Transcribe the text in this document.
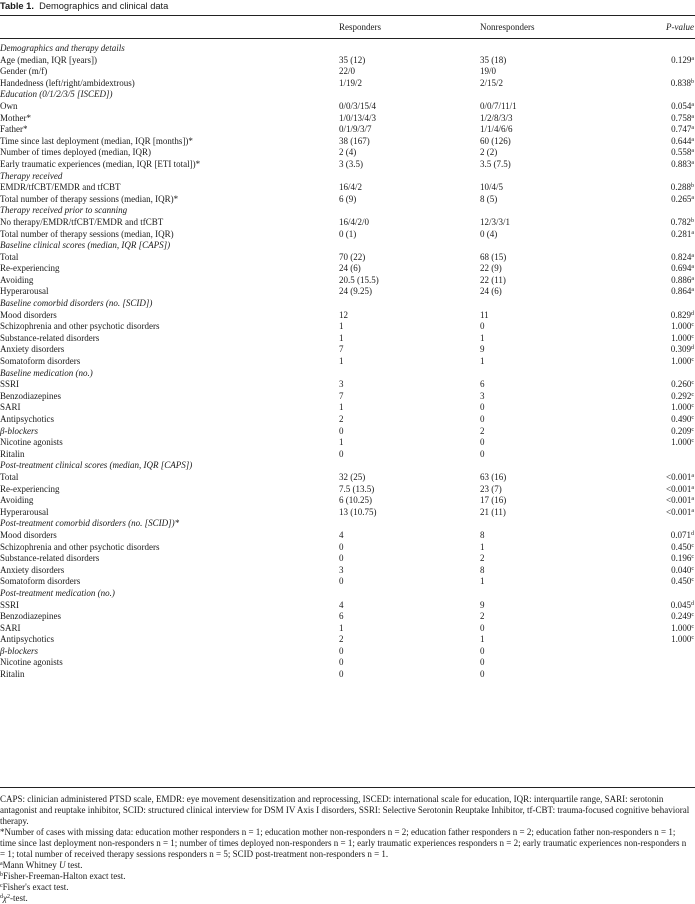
Table 1. Demographics and clinical data
Responders	Nonresponders	P-value
Demographics and therapy details
Age (median, IQR [years])	35 (12)	35 (18)	0.129$^a$
Gender (m/f)	22/0	19/0
Handedness (left/right/ambidextrous)	1/19/2	2/15/2	0.838$^b$
Education (0/1/2/3/5 [ISCED])
Own	0/0/3/15/4	0/0/7/11/1	0.054$^a$
Mother*	1/0/13/4/3	1/2/8/3/3	0.758$^a$
Father*	0/1/9/3/7	1/1/4/6/6	0.747$^a$
Time since last deployment (median, IQR [months])*	38 (167)	60 (126)	0.644$^a$
Number of times deployed (median, IQR)	2 (4)	2 (2)	0.558$^a$
Early traumatic experiences (median, IQR [ETI total])*	3 (3.5)	3.5 (7.5)	0.883$^a$
Therapy received
EMDR/tfCBT/EMDR and tfCBT	16/4/2	10/4/5	0.288$^b$
Total number of therapy sessions (median, IQR)*	6 (9)	8 (5)	0.265$^a$
Therapy received prior to scanning
No therapy/EMDR/tfCBT/EMDR and tfCBT	16/4/2/0	12/3/3/1	0.782$^b$
Total number of therapy sessions (median, IQR)	0 (1)	0 (4)	0.281$^a$
Baseline clinical scores (median, IQR [CAPS])
Total	70 (22)	68 (15)	0.824$^a$
Re-experiencing	24 (6)	22 (9)	0.694$^a$
Avoiding	20.5 (15.5)	22 (11)	0.886$^a$
Hyperarousal	24 (9.25)	24 (6)	0.864$^a$
Baseline comorbid disorders (no. [SCID])
Mood disorders	12	11	0.829$^d$
Schizophrenia and other psychotic disorders	1	0	1.000$^c$
Substance-related disorders	1	1	1.000$^c$
Anxiety disorders	7	9	0.309$^d$
Somatoform disorders	1	1	1.000$^c$
Baseline medication (no.)
SSRI	3	6	0.260$^c$
Benzodiazepines	7	3	0.292$^c$
SARI	1	0	1.000$^c$
Antipsychotics	2	0	0.490$^c$
β-blockers	0	2	0.209$^c$
Nicotine agonists	1	0	1.000$^c$
Ritalin	0	0
Post-treatment clinical scores (median, IQR [CAPS])
Total	32 (25)	63 (16)	<0.001$^a$
Re-experiencing	7.5 (13.5)	23 (7)	<0.001$^a$
Avoiding	6 (10.25)	17 (16)	<0.001$^a$
Hyperarousal	13 (10.75)	21 (11)	<0.001$^a$
Post-treatment comorbid disorders (no. [SCID])*
Mood disorders	4	8	0.071$^d$
Schizophrenia and other psychotic disorders	0	1	0.450$^c$
Substance-related disorders	0	2	0.196$^c$
Anxiety disorders	3	8	0.040$^c$
Somatoform disorders	0	1	0.450$^c$
Post-treatment medication (no.)
SSRI	4	9	0.045$^d$
Benzodiazepines	6	2	0.249$^c$
SARI	1	0	1.000$^c$
Antipsychotics	2	1	1.000$^c$
β-blockers	0	0
Nicotine agonists	0	0
Ritalin	0	0

CAPS: clinician administered PTSD scale, EMDR: eye movement desensitization and reprocessing, ISCED: international scale for education, IQR: interquartile range, SARI: serotonin antagonist and reuptake inhibitor, SCID: structured clinical interview for DSM IV Axis I disorders, SSRI: Selective Serotonin Reuptake Inhibitor, tf-CBT: trauma-focused cognitive behavioral therapy.

*Number of cases with missing data: education mother responders n = 1; education mother non-responders n = 2; education father responders n = 2; education father non-responders n = 1; time since last deployment non-responders n = 1; number of times deployed non-responders n = 1; early traumatic experiences responders n = 2; early traumatic experiences non-responders n = 1; total number of received therapy sessions responders n = 5; SCID post-treatment non-responders n = 1.

$^a$Mann Whitney U test.

$^b$Fisher-Freeman-Halton exact test.

$^c$Fisher's exact test.

$^d$χ$^2$-test.
